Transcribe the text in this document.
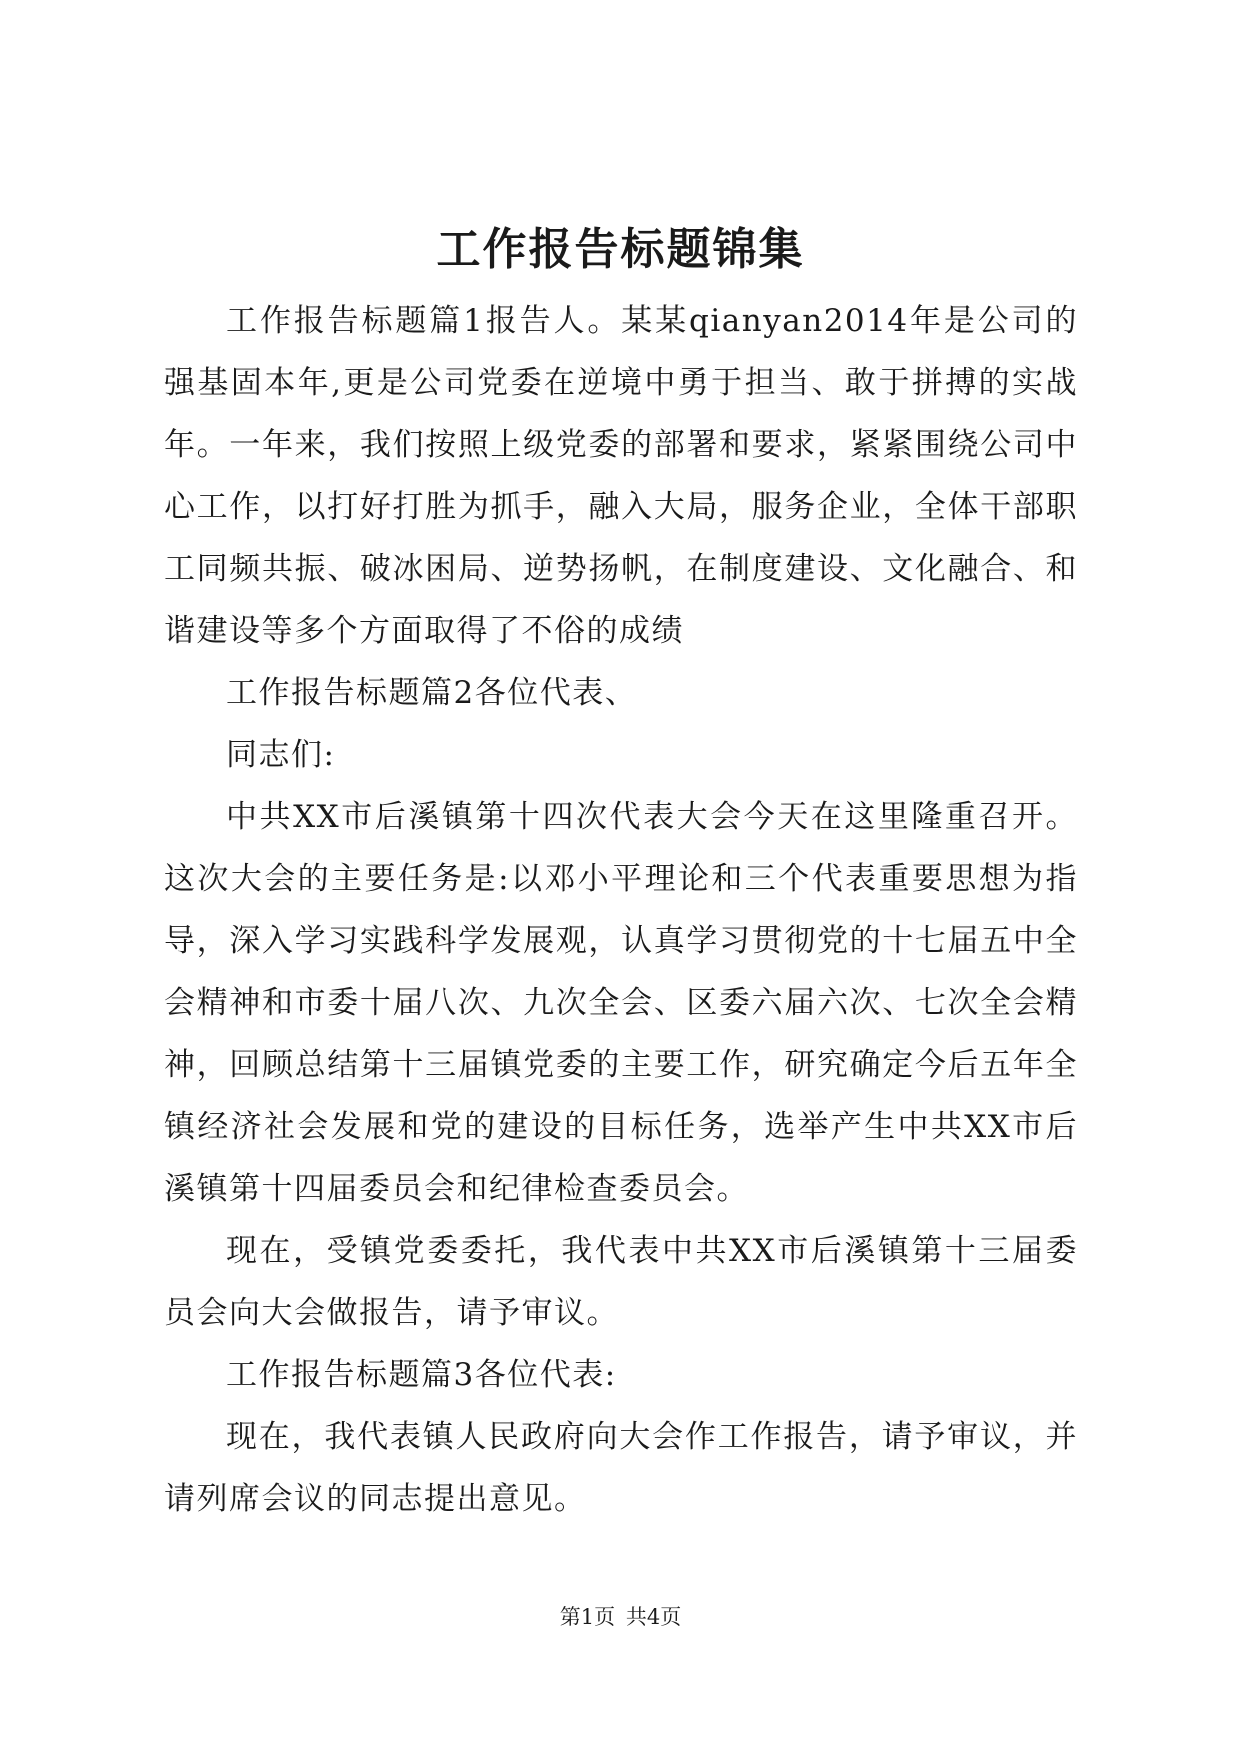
工作报告标题锦集

工作报告标题篇1报告人。某某qianyan2014年是公司的强基固本年,更是公司党委在逆境中勇于担当、敢于拼搏的实战年。一年来，我们按照上级党委的部署和要求，紧紧围绕公司中心工作，以打好打胜为抓手，融入大局，服务企业，全体干部职工同频共振、破冰困局、逆势扬帆，在制度建设、文化融合、和谐建设等多个方面取得了不俗的成绩

工作报告标题篇2各位代表、

同志们:

中共XX市后溪镇第十四次代表大会今天在这里隆重召开。这次大会的主要任务是:以邓小平理论和三个代表重要思想为指导，深入学习实践科学发展观，认真学习贯彻党的十七届五中全会精神和市委十届八次、九次全会、区委六届六次、七次全会精神，回顾总结第十三届镇党委的主要工作，研究确定今后五年全镇经济社会发展和党的建设的目标任务，选举产生中共XX市后溪镇第十四届委员会和纪律检查委员会。

现在，受镇党委委托，我代表中共XX市后溪镇第十三届委员会向大会做报告，请予审议。

工作报告标题篇3各位代表:

现在，我代表镇人民政府向大会作工作报告，请予审议，并请列席会议的同志提出意见。

第1页 共4页
